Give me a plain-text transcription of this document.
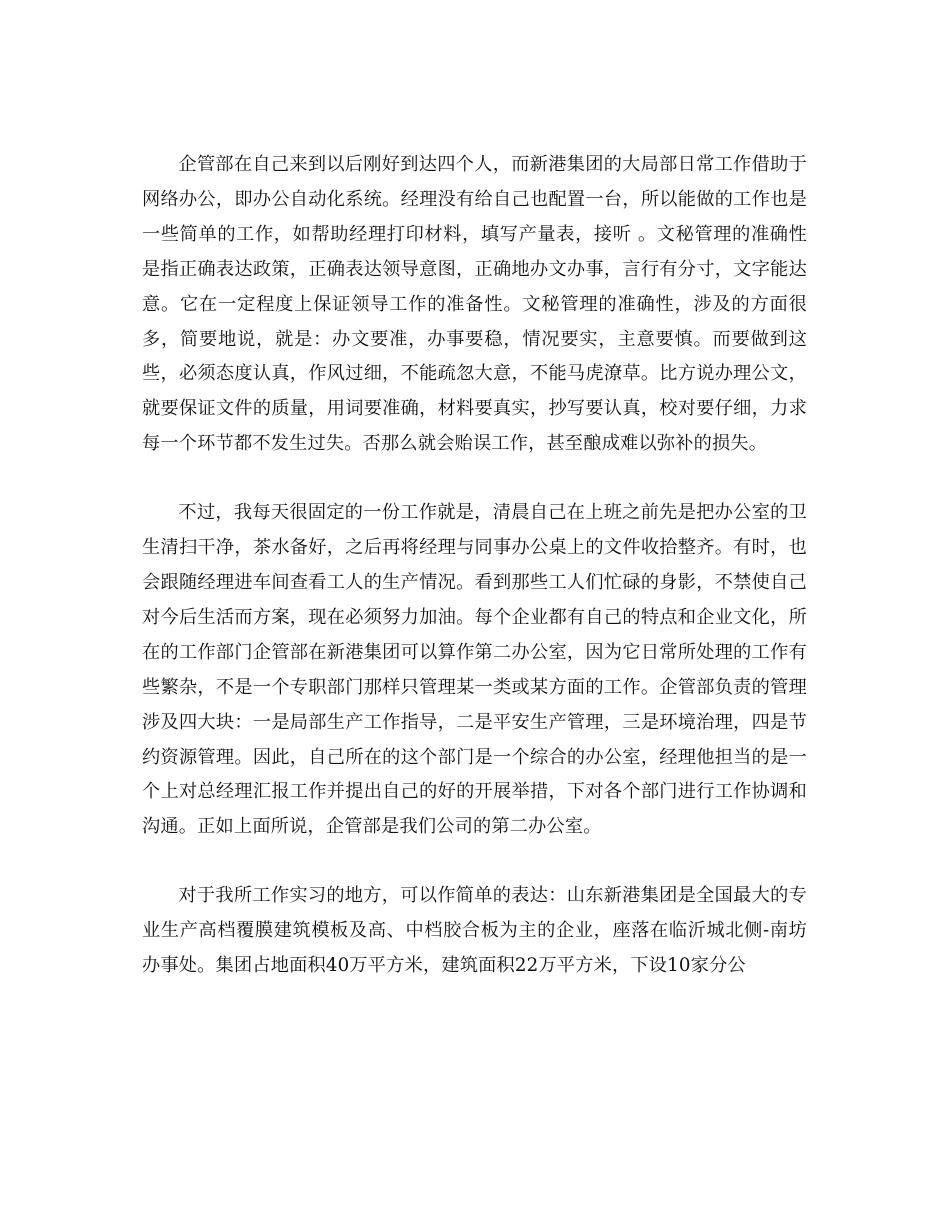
企管部在自己来到以后刚好到达四个人，而新港集团的大局部日常工作借助于网络办公，即办公自动化系统。经理没有给自己也配置一台，所以能做的工作也是一些简单的工作，如帮助经理打印材料，填写产量表，接听 。文秘管理的准确性是指正确表达政策，正确表达领导意图，正确地办文办事，言行有分寸，文字能达意。它在一定程度上保证领导工作的准备性。文秘管理的准确性，涉及的方面很多，简要地说，就是：办文要准，办事要稳，情况要实，主意要慎。而要做到这些，必须态度认真，作风过细，不能疏忽大意，不能马虎潦草。比方说办理公文，就要保证文件的质量，用词要准确，材料要真实，抄写要认真，校对要仔细，力求每一个环节都不发生过失。否那么就会贻误工作，甚至酿成难以弥补的损失。

不过，我每天很固定的一份工作就是，清晨自己在上班之前先是把办公室的卫生清扫干净，茶水备好，之后再将经理与同事办公桌上的文件收拾整齐。有时，也会跟随经理进车间查看工人的生产情况。看到那些工人们忙碌的身影，不禁使自己对今后生活而方案，现在必须努力加油。每个企业都有自己的特点和企业文化，所在的工作部门企管部在新港集团可以算作第二办公室，因为它日常所处理的工作有些繁杂，不是一个专职部门那样只管理某一类或某方面的工作。企管部负责的管理涉及四大块：一是局部生产工作指导，二是平安生产管理，三是环境治理，四是节约资源管理。因此，自己所在的这个部门是一个综合的办公室，经理他担当的是一个上对总经理汇报工作并提出自己的好的开展举措，下对各个部门进行工作协调和沟通。正如上面所说，企管部是我们公司的第二办公室。

对于我所工作实习的地方，可以作简单的表达：山东新港集团是全国最大的专业生产高档覆膜建筑模板及高、中档胶合板为主的企业，座落在临沂城北侧-南坊办事处。集团占地面积40万平方米，建筑面积22万平方米，下设10家分公
